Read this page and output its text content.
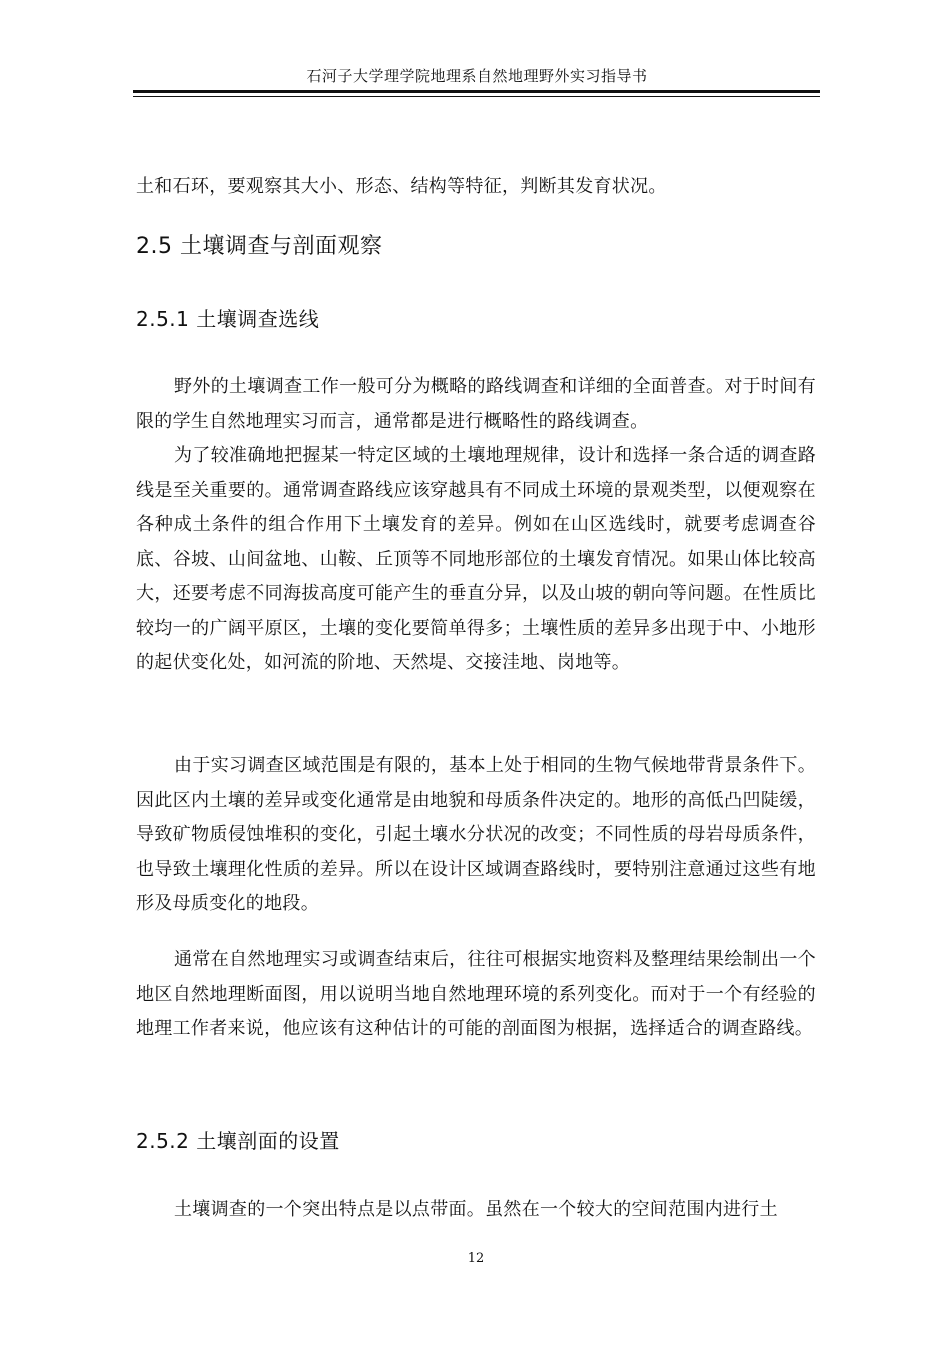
石河子大学理学院地理系自然地理野外实习指导书

土和石环，要观察其大小、形态、结构等特征，判断其发育状况。

2.5 土壤调查与剖面观察
2.5.1 土壤调查选线

野外的土壤调查工作一般可分为概略的路线调查和详细的全面普查。对于时间有限的学生自然地理实习而言，通常都是进行概略性的路线调查。

为了较准确地把握某一特定区域的土壤地理规律，设计和选择一条合适的调查路线是至关重要的。通常调查路线应该穿越具有不同成土环境的景观类型，以便观察在各种成土条件的组合作用下土壤发育的差异。例如在山区选线时，就要考虑调查谷底、谷坡、山间盆地、山鞍、丘顶等不同地形部位的土壤发育情况。如果山体比较高大，还要考虑不同海拔高度可能产生的垂直分异，以及山坡的朝向等问题。在性质比较均一的广阔平原区，土壤的变化要简单得多；土壤性质的差异多出现于中、小地形的起伏变化处，如河流的阶地、天然堤、交接洼地、岗地等。

由于实习调查区域范围是有限的，基本上处于相同的生物气候地带背景条件下。因此区内土壤的差异或变化通常是由地貌和母质条件决定的。地形的高低凸凹陡缓，导致矿物质侵蚀堆积的变化，引起土壤水分状况的改变；不同性质的母岩母质条件，也导致土壤理化性质的差异。所以在设计区域调查路线时，要特别注意通过这些有地形及母质变化的地段。

通常在自然地理实习或调查结束后，往往可根据实地资料及整理结果绘制出一个地区自然地理断面图，用以说明当地自然地理环境的系列变化。而对于一个有经验的地理工作者来说，他应该有这种估计的可能的剖面图为根据，选择适合的调查路线。

2.5.2 土壤剖面的设置

土壤调查的一个突出特点是以点带面。虽然在一个较大的空间范围内进行土

12
